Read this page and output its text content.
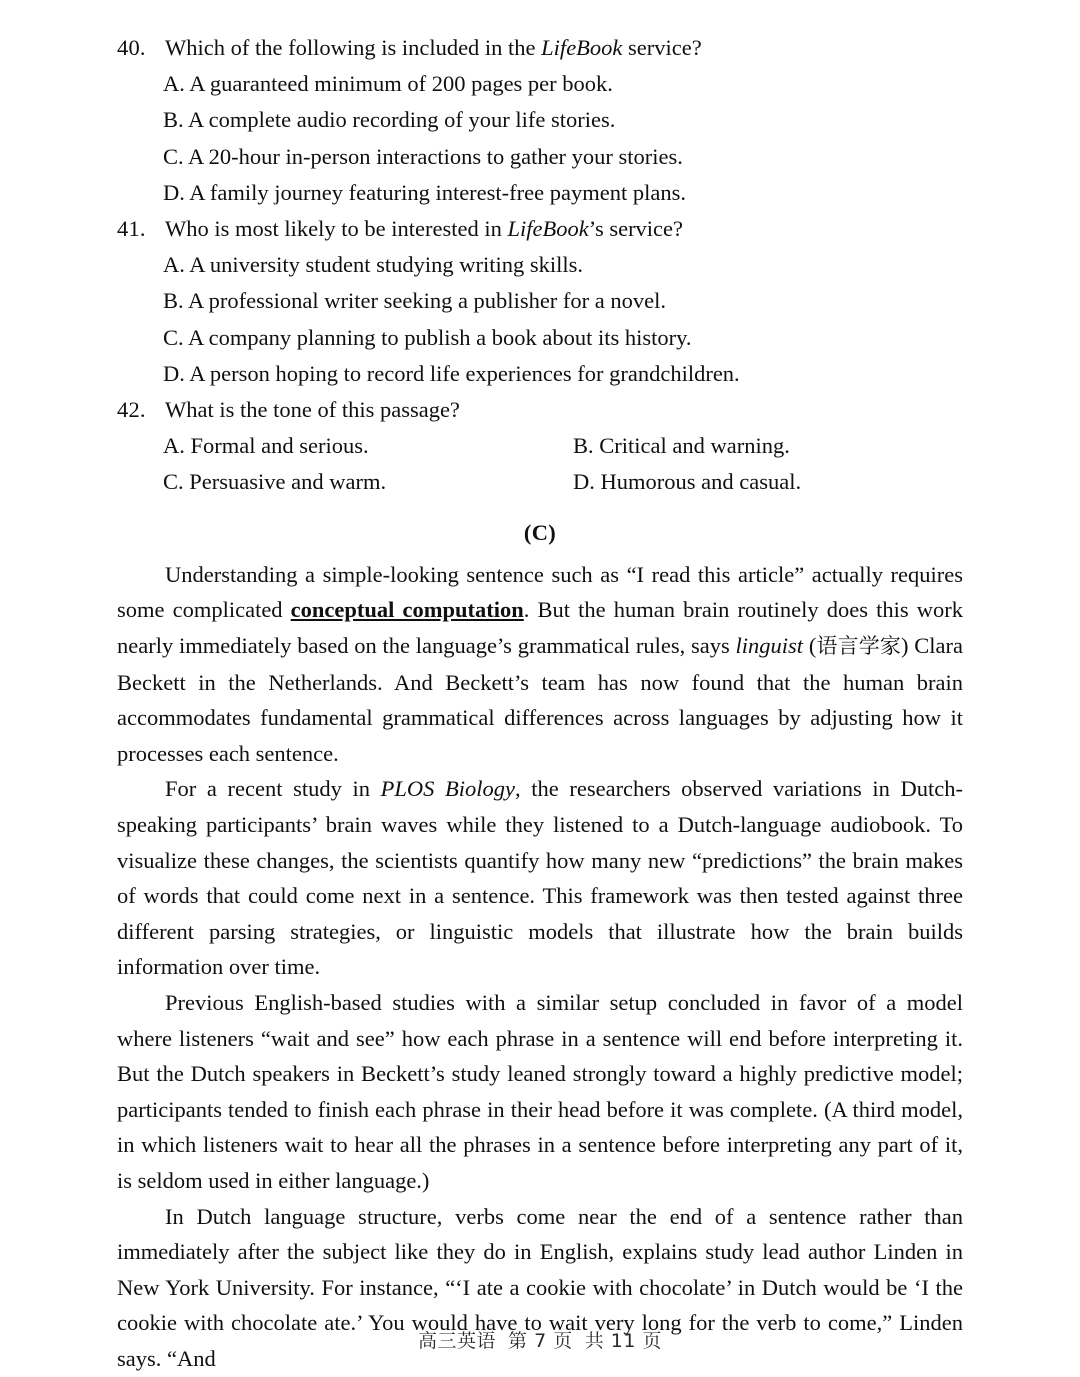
40. Which of the following is included in the LifeBook service?
A. A guaranteed minimum of 200 pages per book.
B. A complete audio recording of your life stories.
C. A 20-hour in-person interactions to gather your stories.
D. A family journey featuring interest-free payment plans.
41. Who is most likely to be interested in LifeBook’s service?
A. A university student studying writing skills.
B. A professional writer seeking a publisher for a novel.
C. A company planning to publish a book about its history.
D. A person hoping to record life experiences for grandchildren.
42. What is the tone of this passage?
A. Formal and serious.	B. Critical and warning.
C. Persuasive and warm.	D. Humorous and casual.
(C)

Understanding a simple-looking sentence such as “I read this article” actually requires some complicated conceptual computation. But the human brain routinely does this work nearly immediately based on the language’s grammatical rules, says linguist (语言学家) Clara Beckett in the Netherlands. And Beckett’s team has now found that the human brain accommodates fundamental grammatical differences across languages by adjusting how it processes each sentence.

For a recent study in PLOS Biology, the researchers observed variations in Dutch-speaking participants’ brain waves while they listened to a Dutch-language audiobook. To visualize these changes, the scientists quantify how many new “predictions” the brain makes of words that could come next in a sentence. This framework was then tested against three different parsing strategies, or linguistic models that illustrate how the brain builds information over time.

Previous English-based studies with a similar setup concluded in favor of a model where listeners “wait and see” how each phrase in a sentence will end before interpreting it. But the Dutch speakers in Beckett’s study leaned strongly toward a highly predictive model; participants tended to finish each phrase in their head before it was complete. (A third model, in which listeners wait to hear all the phrases in a sentence before interpreting any part of it, is seldom used in either language.)

In Dutch language structure, verbs come near the end of a sentence rather than immediately after the subject like they do in English, explains study lead author Linden in New York University. For instance, “‘I ate a cookie with chocolate’ in Dutch would be ‘I the cookie with chocolate ate.’ You would have to wait very long for the verb to come,” Linden says. “And

高三英语 第 7 页 共 11 页
